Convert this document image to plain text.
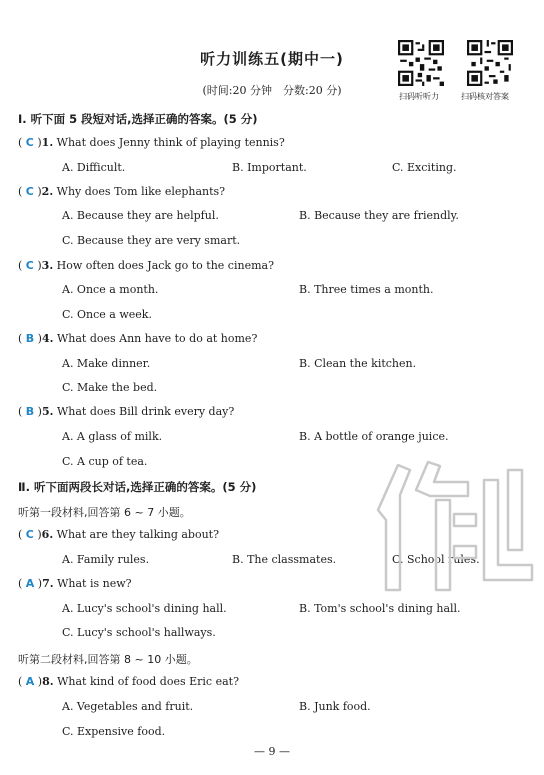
听力训练五(期中一)
(时间:20 分钟　分数:20 分)	扫码听听力	扫码核对答案
Ⅰ. 听下面 5 段短对话,选择正确的答案。(5 分)
( C )1. What does Jenny think of playing tennis?
A. Difficult.	B. Important.	C. Exciting.
( C )2. Why does Tom like elephants?
A. Because they are helpful.	B. Because they are friendly.
C. Because they are very smart.
( C )3. How often does Jack go to the cinema?
A. Once a month.	B. Three times a month.
C. Once a week.
( B )4. What does Ann have to do at home?
A. Make dinner.	B. Clean the kitchen.
C. Make the bed.
( B )5. What does Bill drink every day?
A. A glass of milk.	B. A bottle of orange juice.
C. A cup of tea.
Ⅱ. 听下面两段长对话,选择正确的答案。(5 分)
听第一段材料,回答第 6 ~ 7 小题。
( C )6. What are they talking about?
A. Family rules.	B. The classmates.	C. School rules.
( A )7. What is new?
A. Lucy's school's dining hall.	B. Tom's school's dining hall.
C. Lucy's school's hallways.
听第二段材料,回答第 8 ~ 10 小题。
( A )8. What kind of food does Eric eat?
A. Vegetables and fruit.	B. Junk food.
C. Expensive food.
— 9 —
